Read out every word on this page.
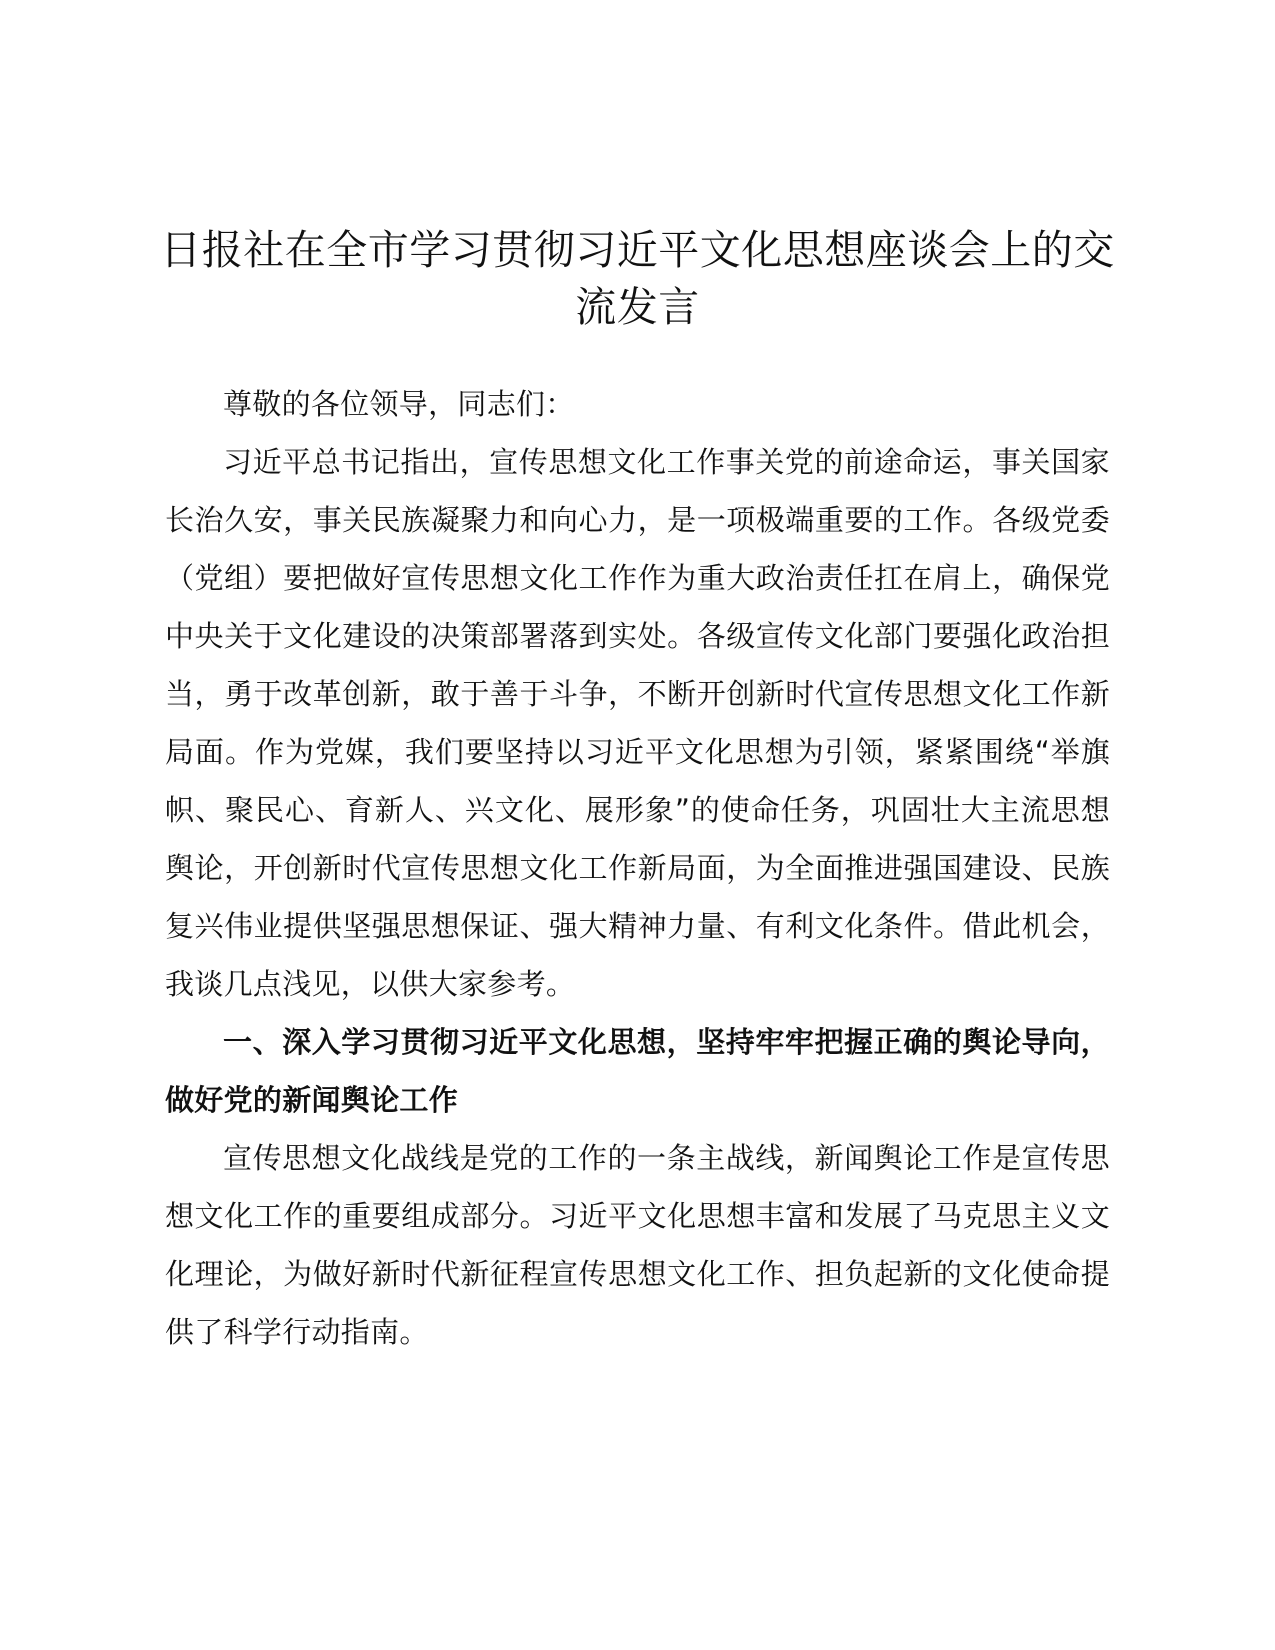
日报社在全市学习贯彻习近平文化思想座谈会上的交流发言

尊敬的各位领导，同志们：

习近平总书记指出，宣传思想文化工作事关党的前途命运，事关国家长治久安，事关民族凝聚力和向心力，是一项极端重要的工作。各级党委（党组）要把做好宣传思想文化工作作为重大政治责任扛在肩上，确保党中央关于文化建设的决策部署落到实处。各级宣传文化部门要强化政治担当，勇于改革创新，敢于善于斗争，不断开创新时代宣传思想文化工作新局面。作为党媒，我们要坚持以习近平文化思想为引领，紧紧围绕“举旗帜、聚民心、育新人、兴文化、展形象”的使命任务，巩固壮大主流思想舆论，开创新时代宣传思想文化工作新局面，为全面推进强国建设、民族复兴伟业提供坚强思想保证、强大精神力量、有利文化条件。借此机会，我谈几点浅见，以供大家参考。

一、深入学习贯彻习近平文化思想，坚持牢牢把握正确的舆论导向，做好党的新闻舆论工作

宣传思想文化战线是党的工作的一条主战线，新闻舆论工作是宣传思想文化工作的重要组成部分。习近平文化思想丰富和发展了马克思主义文化理论，为做好新时代新征程宣传思想文化工作、担负起新的文化使命提供了科学行动指南。
